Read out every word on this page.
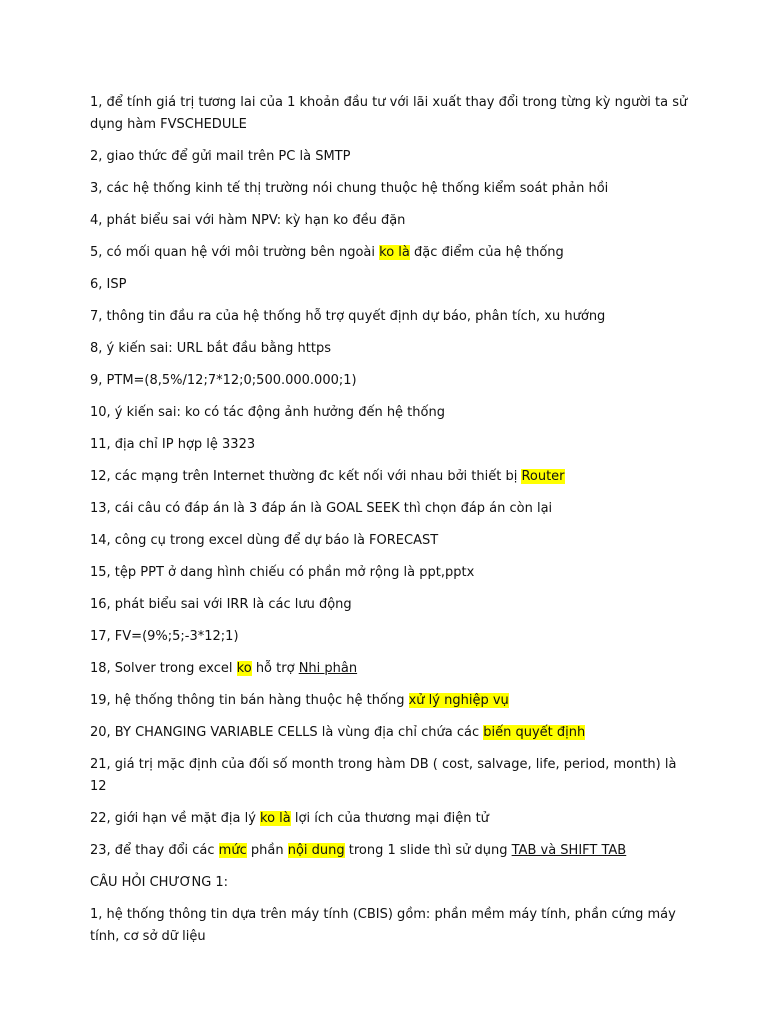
1, để tính giá trị tương lai của 1 khoản đầu tư với lãi xuất thay đổi trong từng kỳ người ta sử dụng hàm FVSCHEDULE

2, giao thức để gửi mail trên PC là SMTP

3, các hệ thống kinh tế thị trường nói chung thuộc hệ thống kiểm soát phản hồi

4, phát biểu sai với hàm NPV: kỳ hạn ko đều đặn

5, có mối quan hệ với môi trường bên ngoài ko là đặc điểm của hệ thống

6, ISP

7, thông tin đầu ra của hệ thống hỗ trợ quyết định dự báo, phân tích, xu hướng

8, ý kiến sai: URL bắt đầu bằng https

9, PTM=(8,5%/12;7*12;0;500.000.000;1)

10, ý kiến sai: ko có tác động ảnh hưởng đến hệ thống

11, địa chỉ IP hợp lệ 3323

12, các mạng trên Internet thường đc kết nối với nhau bởi thiết bị Router

13, cái câu có đáp án là 3 đáp án là GOAL SEEK thì chọn đáp án còn lại

14, công cụ trong excel dùng để dự báo là FORECAST

15, tệp PPT ở dang hình chiếu có phần mở rộng là ppt,pptx

16, phát biểu sai với IRR là các lưu động

17, FV=(9%;5;-3*12;1)

18, Solver trong excel ko hỗ trợ Nhi phân

19, hệ thống thông tin bán hàng thuộc hệ thống xử lý nghiệp vụ

20, BY CHANGING VARIABLE CELLS là vùng địa chỉ chứa các biến quyết định

21, giá trị mặc định của đối số month trong hàm DB ( cost, salvage, life, period, month) là 12

22, giới hạn về mặt địa lý ko là lợi ích của thương mại điện tử

23, để thay đổi các mức phần nội dung trong 1 slide thì sử dụng TAB và SHIFT TAB

CÂU HỎI CHƯƠNG 1:

1, hệ thống thông tin dựa trên máy tính (CBIS) gồm: phần mềm máy tính, phần cứng máy tính, cơ sở dữ liệu
